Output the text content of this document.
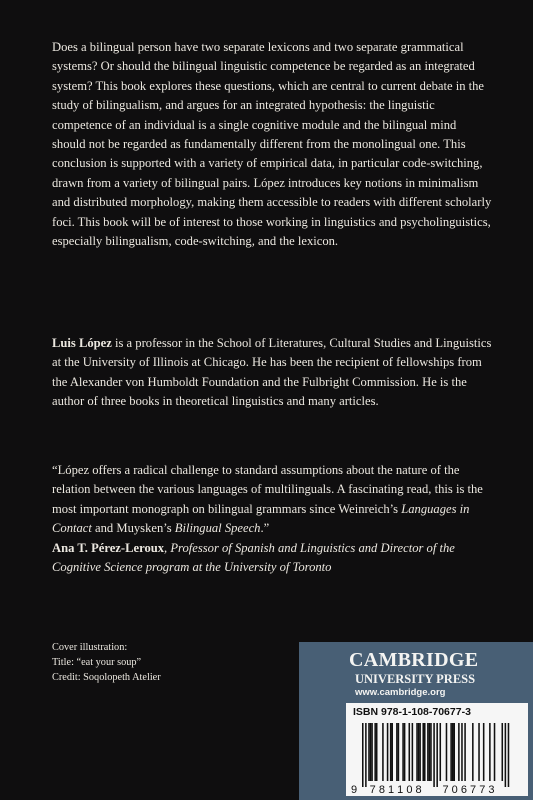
Does a bilingual person have two separate lexicons and two separate grammatical systems? Or should the bilingual linguistic competence be regarded as an integrated system? This book explores these questions, which are central to current debate in the study of bilingualism, and argues for an integrated hypothesis: the linguistic competence of an individual is a single cognitive module and the bilingual mind should not be regarded as fundamentally different from the monolingual one. This conclusion is supported with a variety of empirical data, in particular code-switching, drawn from a variety of bilingual pairs. López introduces key notions in minimalism and distributed morphology, making them accessible to readers with different scholarly foci. This book will be of interest to those working in linguistics and psycholinguistics, especially bilingualism, code-switching, and the lexicon.

Luis López is a professor in the School of Literatures, Cultural Studies and Linguistics at the University of Illinois at Chicago. He has been the recipient of fellowships from the Alexander von Humboldt Foundation and the Fulbright Commission. He is the author of three books in theoretical linguistics and many articles.

“López offers a radical challenge to standard assumptions about the nature of the relation between the various languages of multilinguals. A fascinating read, this is the most important monograph on bilingual grammars since Weinreich’s Languages in Contact and Muysken’s Bilingual Speech.”

Ana T. Pérez-Leroux, Professor of Spanish and Linguistics and Director of the Cognitive Science program at the University of Toronto

Cover illustration:
Title: “eat your soup”
Credit: Soqolopeth Atelier
CAMBRIDGE
UNIVERSITY PRESS
www.cambridge.org
ISBN 978-1-108-70677-3
9 7 8 1 1 0 8 7 0 6 7 7 3
